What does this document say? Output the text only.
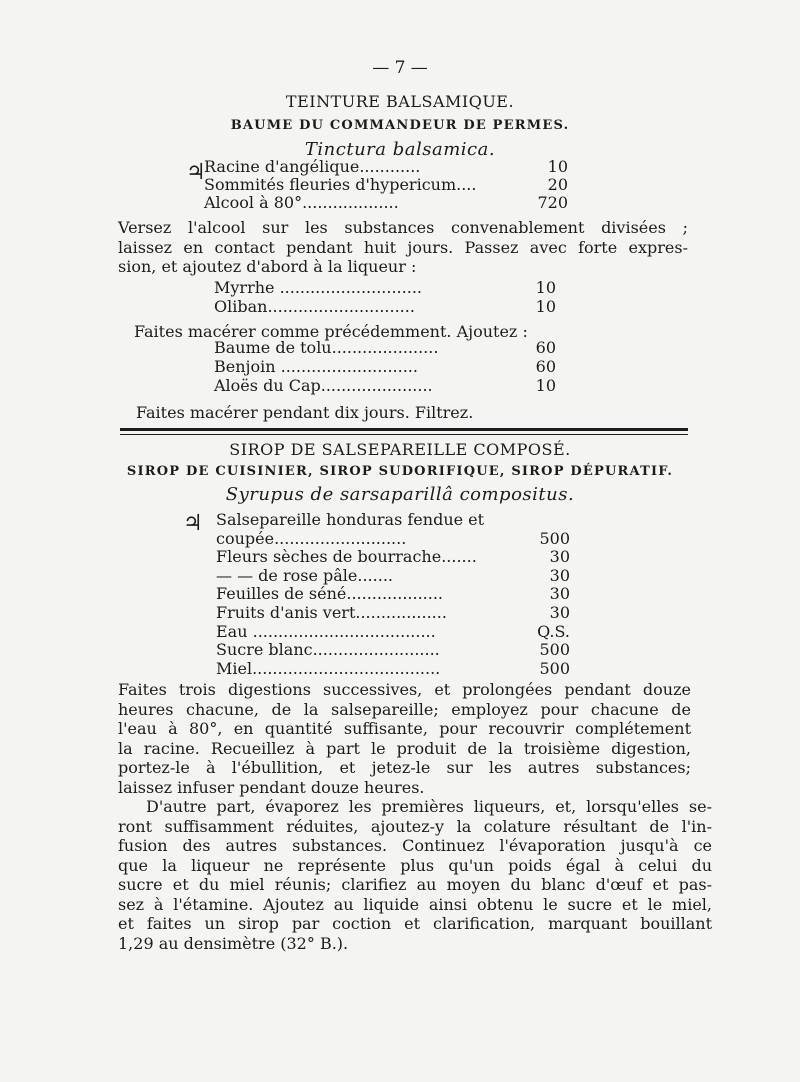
— 7 —
TEINTURE BALSAMIQUE.
BAUME DU COMMANDEUR DE PERMES.
Tinctura balsamica.
♃
Racine d'angélique............	10
Sommités fleuries d'hypericum....	20
Alcool à 80°...................	720
Versez l'alcool sur les substances convenablement divisées ;
laissez en contact pendant huit jours. Passez avec forte expres-
sion, et ajoutez d'abord à la liqueur :
Myrrhe ............................	10
Oliban.............................	10
Faites macérer comme précédemment. Ajoutez :
Baume de tolu.....................	60
Benjoin ...........................	60
Aloës du Cap......................	10
Faites macérer pendant dix jours. Filtrez.
SIROP DE SALSEPAREILLE COMPOSÉ.
SIROP DE CUISINIER, SIROP SUDORIFIQUE, SIROP DÉPURATIF.
Syrupus de sarsaparillâ compositus.
♃ Salsepareille honduras fendue et
coupée..........................	500
Fleurs sèches de bourrache.......	30
— — de rose pâle.......	30
Feuilles de séné...................	30
Fruits d'anis vert..................	30
Eau ....................................	Q.S.
Sucre blanc.........................	500
Miel.....................................	500
Faites trois digestions successives, et prolongées pendant douze
heures chacune, de la salsepareille; employez pour chacune de
l'eau à 80°, en quantité suffisante, pour recouvrir complétement
la racine. Recueillez à part le produit de la troisième digestion,
portez-le à l'ébullition, et jetez-le sur les autres substances;
laissez infuser pendant douze heures.
D'autre part, évaporez les premières liqueurs, et, lorsqu'elles se-
ront suffisamment réduites, ajoutez-y la colature résultant de l'in-
fusion des autres substances. Continuez l'évaporation jusqu'à ce
que la liqueur ne représente plus qu'un poids égal à celui du
sucre et du miel réunis; clarifiez au moyen du blanc d'œuf et pas-
sez à l'étamine. Ajoutez au liquide ainsi obtenu le sucre et le miel,
et faites un sirop par coction et clarification, marquant bouillant
1,29 au densimètre (32° B.).
